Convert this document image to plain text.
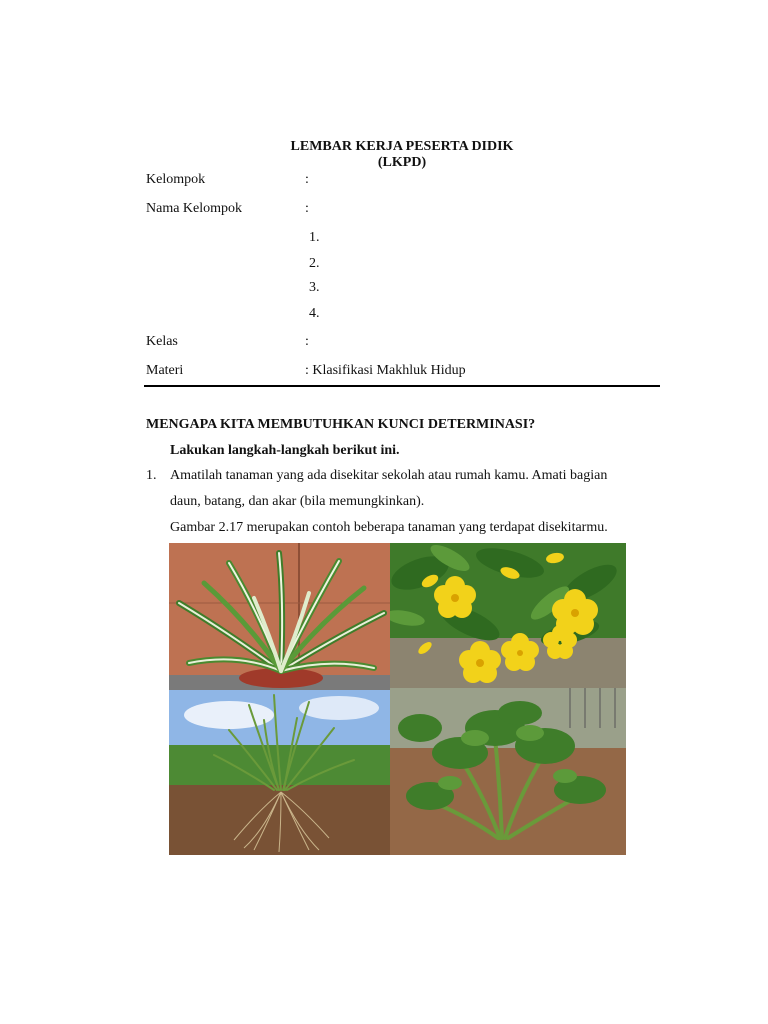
LEMBAR KERJA PESERTA DIDIK
(LKPD)
Kelompok	:
Nama Kelompok	:
1.
2.
3.
4.
Kelas	:
Materi	: Klasifikasi Makhluk Hidup
MENGAPA KITA MEMBUTUHKAN KUNCI DETERMINASI?
Lakukan langkah-langkah berikut ini.
1. Amatilah tanaman yang ada disekitar sekolah atau rumah kamu. Amati bagian
daun, batang, dan akar (bila memungkinkan).
Gambar 2.17 merupakan contoh beberapa tanaman yang terdapat disekitarmu.
